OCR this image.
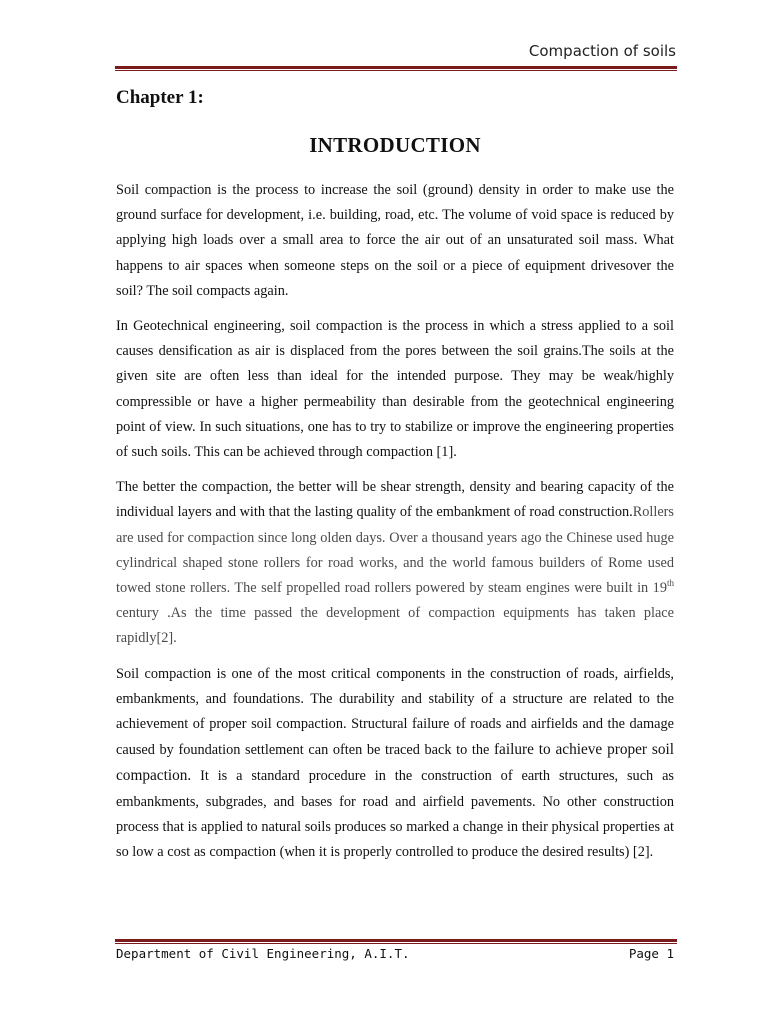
Compaction of soils
Chapter 1:
INTRODUCTION

Soil compaction is the process to increase the soil (ground) density in order to make use the ground surface for development, i.e. building, road, etc. The volume of void space is reduced by applying high loads over a small area to force the air out of an unsaturated soil mass. What happens to air spaces when someone steps on the soil or a piece of equipment drivesover the soil? The soil compacts again.

In Geotechnical engineering, soil compaction is the process in which a stress applied to a soil causes densification as air is displaced from the pores between the soil grains.The soils at the given site are often less than ideal for the intended purpose. They may be weak/highly compressible or have a higher permeability than desirable from the geotechnical engineering point of view. In such situations, one has to try to stabilize or improve the engineering properties of such soils. This can be achieved through compaction [1].

The better the compaction, the better will be shear strength, density and bearing capacity of the individual layers and with that the lasting quality of the embankment of road construction.Rollers are used for compaction since long olden days. Over a thousand years ago the Chinese used huge cylindrical shaped stone rollers for road works, and the world famous builders of Rome used towed stone rollers. The self propelled road rollers powered by steam engines were built in 19th century .As the time passed the development of compaction equipments has taken place rapidly[2].

Soil compaction is one of the most critical components in the construction of roads, airfields, embankments, and foundations. The durability and stability of a structure are related to the achievement of proper soil compaction. Structural failure of roads and airfields and the damage caused by foundation settlement can often be traced back to the failure to achieve proper soil compaction. It is a standard procedure in the construction of earth structures, such as embankments, subgrades, and bases for road and airfield pavements. No other construction process that is applied to natural soils produces so marked a change in their physical properties at so low a cost as compaction (when it is properly controlled to produce the desired results) [2].

Department of Civil Engineering, A.I.T.	Page 1
